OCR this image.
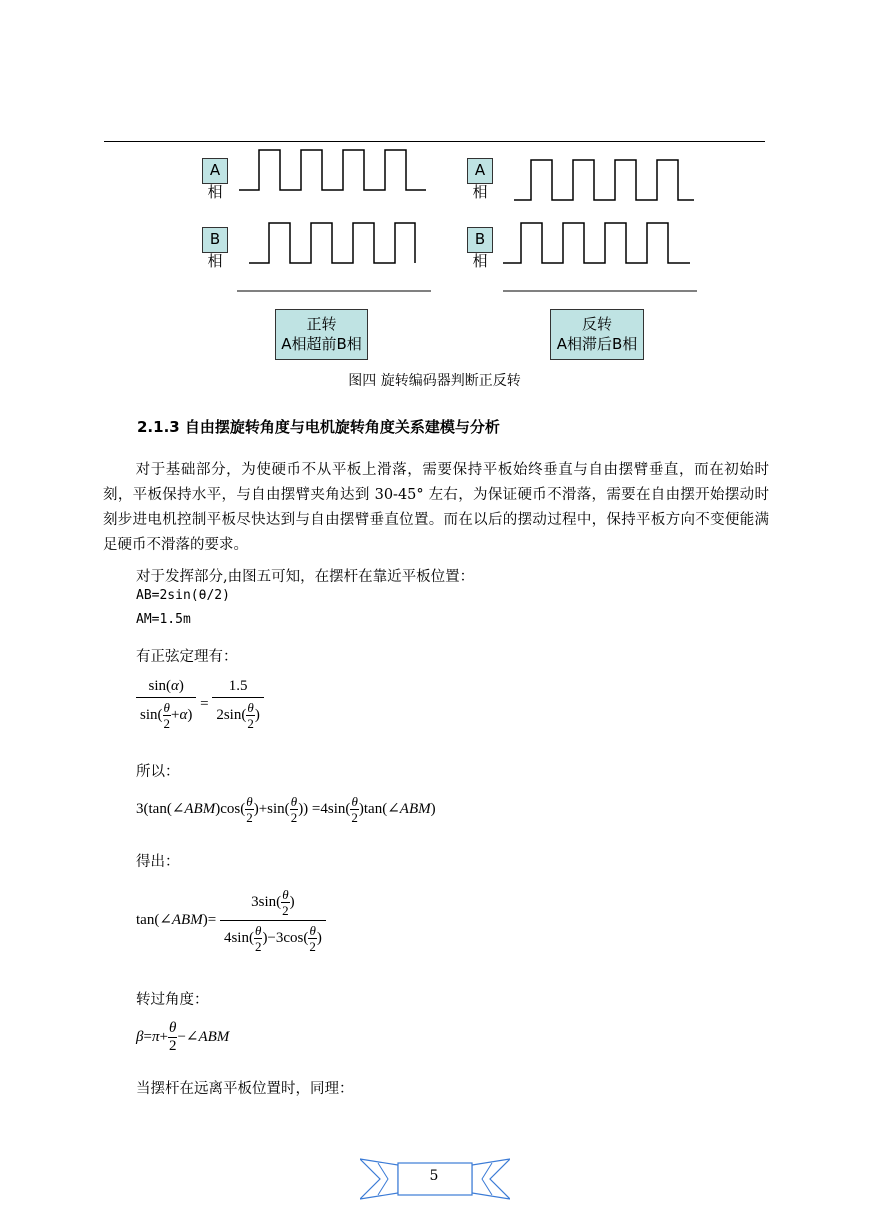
A相
B相
A相
B相
正转
A相超前B相
反转
A相滞后B相
图四 旋转编码器判断正反转
2.1.3 自由摆旋转角度与电机旋转角度关系建模与分析
对于基础部分，为使硬币不从平板上滑落，需要保持平板始终垂直与自由摆臂垂直，而在初始时刻，平板保持水平，与自由摆臂夹角达到 30-45° 左右，为保证硬币不滑落，需要在自由摆开始摆动时刻步进电机控制平板尽快达到与自由摆臂垂直位置。而在以后的摆动过程中，保持平板方向不变便能满足硬币不滑落的要求。
对于发挥部分,由图五可知，在摆杆在靠近平板位置：
AB=2sin(θ/2)
AM=1.5m
有正弦定理有：
$\frac{\sin(\alpha)}{\sin( \frac{\theta}{2} +\alpha)} = \frac{1.5}{2\sin( \frac{\theta}{2} )}$
所以：
3(tan(∠ABM)cos( $\frac{\theta}{2} )+\sin( \frac{\theta}{2}$ )) $=4\sin( \frac{\theta}{2}$ )tan(∠ABM)
得出：
tan(∠ABM)= $\frac{3\sin( \frac{\theta}{2} )}{4\sin( \frac{\theta}{2} )-3\cos( \frac{\theta}{2} )}$
转过角度：
$\beta=\pi+ \frac{\theta}{2}$ −∠ABM
当摆杆在远离平板位置时，同理：
5
